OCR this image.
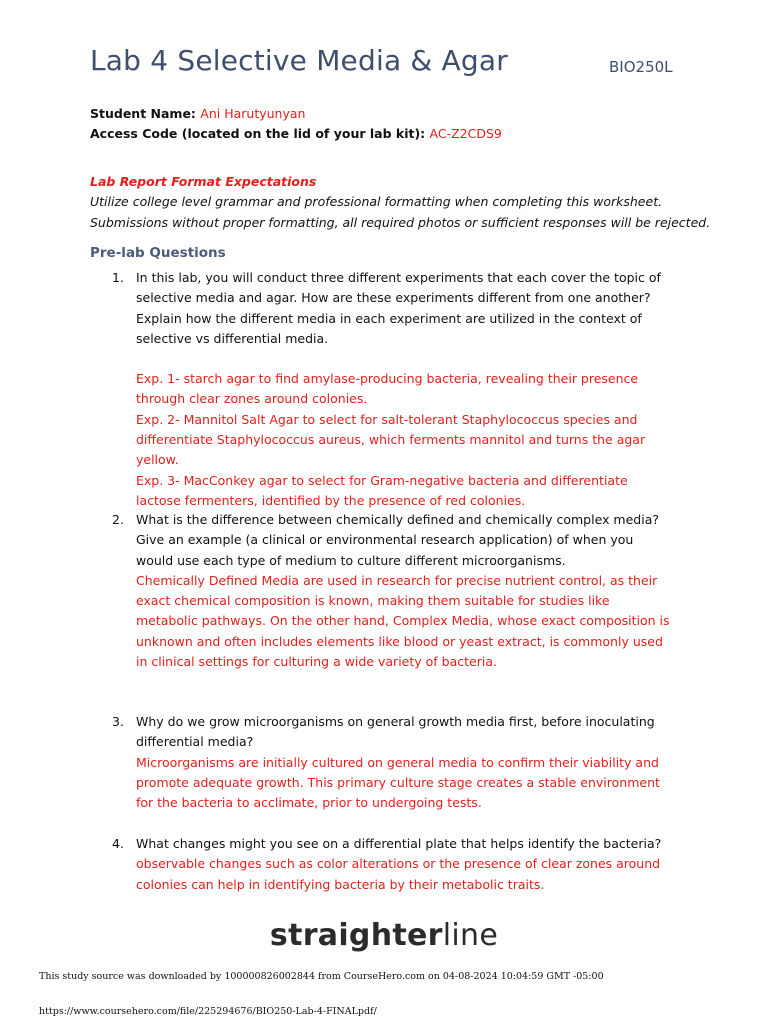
Lab 4 Selective Media & Agar	BIO250L
Student Name: Ani Harutyunyan
Access Code (located on the lid of your lab kit): AC-Z2CDS9
Lab Report Format Expectations
Utilize college level grammar and professional formatting when completing this worksheet.
Submissions without proper formatting, all required photos or sufficient responses will be rejected.
Pre-lab Questions
1. In this lab, you will conduct three different experiments that each cover the topic of selective media and agar. How are these experiments different from one another? Explain how the different media in each experiment are utilized in the context of selective vs differential media.
Exp. 1- starch agar to find amylase-producing bacteria, revealing their presence through clear zones around colonies.
Exp. 2- Mannitol Salt Agar to select for salt-tolerant Staphylococcus species and differentiate Staphylococcus aureus, which ferments mannitol and turns the agar yellow.
Exp. 3- MacConkey agar to select for Gram-negative bacteria and differentiate lactose fermenters, identified by the presence of red colonies.
2. What is the difference between chemically defined and chemically complex media? Give an example (a clinical or environmental research application) of when you would use each type of medium to culture different microorganisms.
Chemically Defined Media are used in research for precise nutrient control, as their exact chemical composition is known, making them suitable for studies like metabolic pathways. On the other hand, Complex Media, whose exact composition is unknown and often includes elements like blood or yeast extract, is commonly used in clinical settings for culturing a wide variety of bacteria.
3. Why do we grow microorganisms on general growth media first, before inoculating differential media?
Microorganisms are initially cultured on general media to confirm their viability and promote adequate growth. This primary culture stage creates a stable environment for the bacteria to acclimate, prior to undergoing tests.
4. What changes might you see on a differential plate that helps identify the bacteria?
observable changes such as color alterations or the presence of clear zones around colonies can help in identifying bacteria by their metabolic traits.
straighterline
This study source was downloaded by 100000826002844 from CourseHero.com on 04-08-2024 10:04:59 GMT -05:00
https://www.coursehero.com/file/225294676/BIO250-Lab-4-FINALpdf/
